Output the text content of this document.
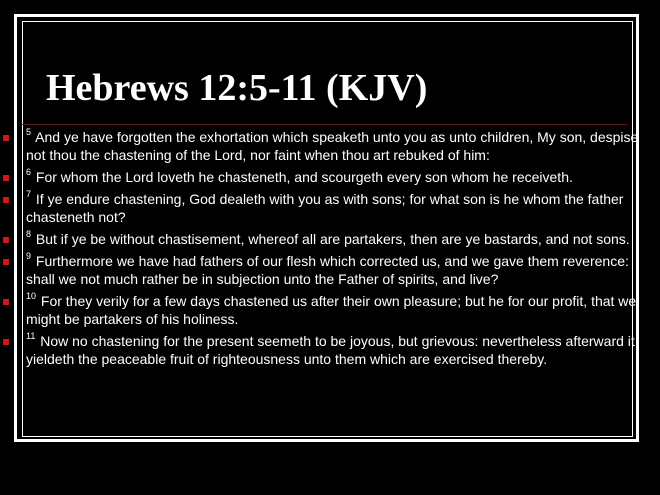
Hebrews 12:5-11 (KJV)
$^5$ And ye have forgotten the exhortation which speaketh unto you as unto children, My son, despise not thou the chastening of the Lord, nor faint when thou art rebuked of him:
$^6$ For whom the Lord loveth he chasteneth, and scourgeth every son whom he receiveth.
$^7$ If ye endure chastening, God dealeth with you as with sons; for what son is he whom the father chasteneth not?
$^8$ But if ye be without chastisement, whereof all are partakers, then are ye bastards, and not sons.
$^9$ Furthermore we have had fathers of our flesh which corrected us, and we gave them reverence: shall we not much rather be in subjection unto the Father of spirits, and live?
$^{10}$ For they verily for a few days chastened us after their own pleasure; but he for our profit, that we might be partakers of his holiness.
$^{11}$ Now no chastening for the present seemeth to be joyous, but grievous: nevertheless afterward it yieldeth the peaceable fruit of righteousness unto them which are exercised thereby.
